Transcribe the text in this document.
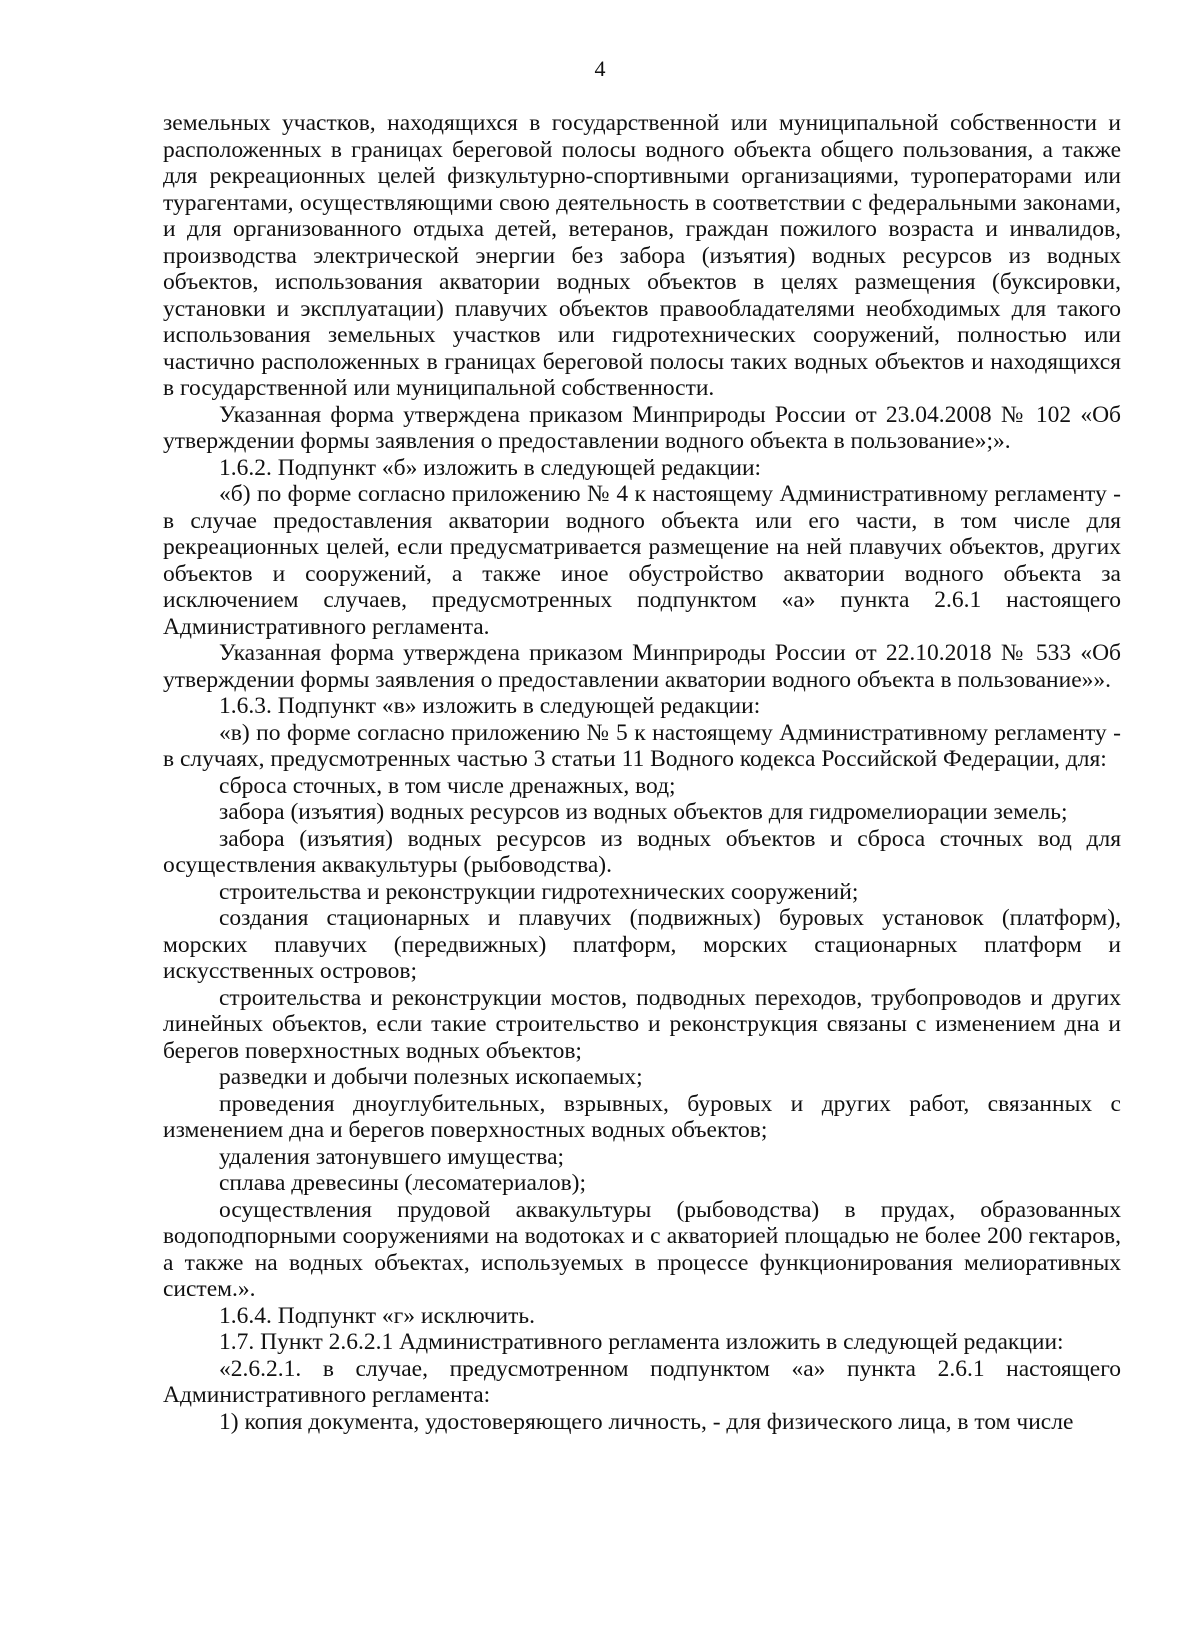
4

земельных участков, находящихся в государственной или муниципальной собственности и расположенных в границах береговой полосы водного объекта общего пользования, а также для рекреационных целей физкультурно-спортивными организациями, туроператорами или турагентами, осуществляющими свою деятельность в соответствии с федеральными законами, и для организованного отдыха детей, ветеранов, граждан пожилого возраста и инвалидов, производства электрической энергии без забора (изъятия) водных ресурсов из водных объектов, использования акватории водных объектов в целях размещения (буксировки, установки и эксплуатации) плавучих объектов правообладателями необходимых для такого использования земельных участков или гидротехнических сооружений, полностью или частично расположенных в границах береговой полосы таких водных объектов и находящихся в государственной или муниципальной собственности.

Указанная форма утверждена приказом Минприроды России от 23.04.2008 № 102 «Об утверждении формы заявления о предоставлении водного объекта в пользование»;».

1.6.2. Подпункт «б» изложить в следующей редакции:

«б) по форме согласно приложению № 4 к настоящему Административному регламенту - в случае предоставления акватории водного объекта или его части, в том числе для рекреационных целей, если предусматривается размещение на ней плавучих объектов, других объектов и сооружений, а также иное обустройство акватории водного объекта за исключением случаев, предусмотренных подпунктом «а» пункта 2.6.1 настоящего Административного регламента.

Указанная форма утверждена приказом Минприроды России от 22.10.2018 № 533 «Об утверждении формы заявления о предоставлении акватории водного объекта в пользование»».

1.6.3. Подпункт «в» изложить в следующей редакции:

«в) по форме согласно приложению № 5 к настоящему Административному регламенту - в случаях, предусмотренных частью 3 статьи 11 Водного кодекса Российской Федерации, для:

сброса сточных, в том числе дренажных, вод;

забора (изъятия) водных ресурсов из водных объектов для гидромелиорации земель;

забора (изъятия) водных ресурсов из водных объектов и сброса сточных вод для осуществления аквакультуры (рыбоводства).

строительства и реконструкции гидротехнических сооружений;

создания стационарных и плавучих (подвижных) буровых установок (платформ), морских плавучих (передвижных) платформ, морских стационарных платформ и искусственных островов;

строительства и реконструкции мостов, подводных переходов, трубопроводов и других линейных объектов, если такие строительство и реконструкция связаны с изменением дна и берегов поверхностных водных объектов;

разведки и добычи полезных ископаемых;

проведения дноуглубительных, взрывных, буровых и других работ, связанных с изменением дна и берегов поверхностных водных объектов;

удаления затонувшего имущества;

сплава древесины (лесоматериалов);

осуществления прудовой аквакультуры (рыбоводства) в прудах, образованных водоподпорными сооружениями на водотоках и с акваторией площадью не более 200 гектаров, а также на водных объектах, используемых в процессе функционирования мелиоративных систем.».

1.6.4. Подпункт «г» исключить.

1.7. Пункт 2.6.2.1 Административного регламента изложить в следующей редакции:

«2.6.2.1. в случае, предусмотренном подпунктом «а» пункта 2.6.1 настоящего Административного регламента:

1) копия документа, удостоверяющего личность, - для физического лица, в том числе
